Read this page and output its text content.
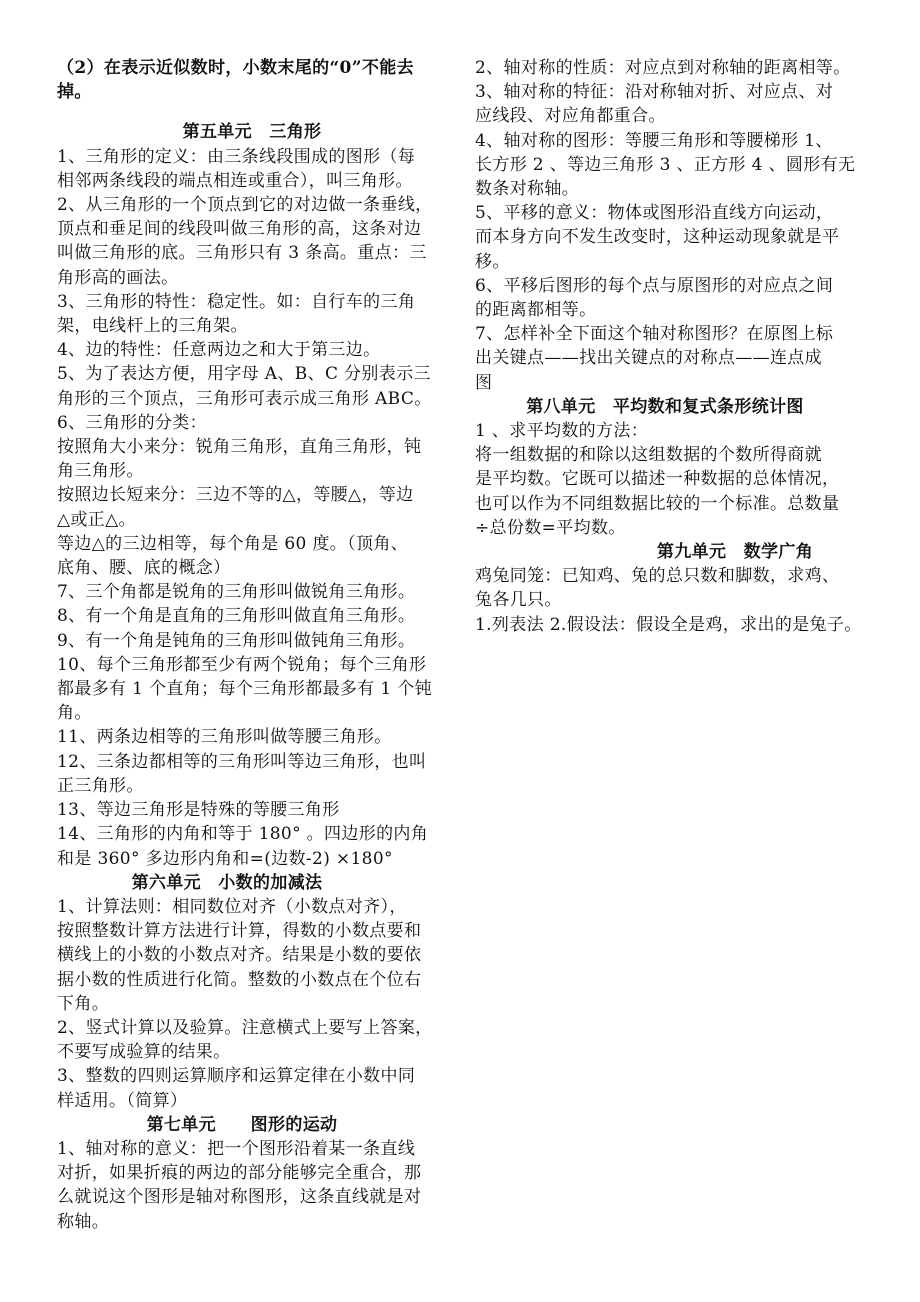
（2）在表示近似数时，小数末尾的“0”不能去
掉。
第五单元　三角形
1、三角形的定义：由三条线段围成的图形（每
相邻两条线段的端点相连或重合），叫三角形。
2、从三角形的一个顶点到它的对边做一条垂线，
顶点和垂足间的线段叫做三角形的高，这条对边
叫做三角形的底。三角形只有 3 条高。重点：三
角形高的画法。
3、三角形的特性：稳定性。如：自行车的三角
架，电线杆上的三角架。
4、边的特性：任意两边之和大于第三边。
5、为了表达方便，用字母 A、B、C 分别表示三
角形的三个顶点，三角形可表示成三角形 ABC。
6、三角形的分类：
按照角大小来分：锐角三角形，直角三角形，钝
角三角形。
按照边长短来分：三边不等的△，等腰△，等边
△或正△。
等边△的三边相等，每个角是 60 度。（顶角、
底角、腰、底的概念）
7、三个角都是锐角的三角形叫做锐角三角形。
8、有一个角是直角的三角形叫做直角三角形。
9、有一个角是钝角的三角形叫做钝角三角形。
10、每个三角形都至少有两个锐角；每个三角形
都最多有 1 个直角；每个三角形都最多有 1 个钝
角。
11、两条边相等的三角形叫做等腰三角形。
12、三条边都相等的三角形叫等边三角形，也叫
正三角形。
13、等边三角形是特殊的等腰三角形
14、三角形的内角和等于 180° 。四边形的内角
和是 360° 多边形内角和=(边数-2) ×180°
第六单元　小数的加减法
1、计算法则：相同数位对齐（小数点对齐），
按照整数计算方法进行计算，得数的小数点要和
横线上的小数的小数点对齐。结果是小数的要依
据小数的性质进行化简。整数的小数点在个位右
下角。
2、竖式计算以及验算。注意横式上要写上答案，
不要写成验算的结果。
3、整数的四则运算顺序和运算定律在小数中同
样适用。（简算）
第七单元　　图形的运动
1、轴对称的意义：把一个图形沿着某一条直线
对折，如果折痕的两边的部分能够完全重合，那
么就说这个图形是轴对称图形，这条直线就是对
称轴。
2、轴对称的性质：对应点到对称轴的距离相等。
3、轴对称的特征：沿对称轴对折、对应点、对
应线段、对应角都重合。
4、轴对称的图形：等腰三角形和等腰梯形 1、
长方形 2 、等边三角形 3 、正方形 4 、圆形有无
数条对称轴。
5、平移的意义：物体或图形沿直线方向运动，
而本身方向不发生改变时，这种运动现象就是平
移。
6、平移后图形的每个点与原图形的对应点之间
的距离都相等。
7、怎样补全下面这个轴对称图形？在原图上标
出关键点——找出关键点的对称点——连点成
图
第八单元　平均数和复式条形统计图
1 、求平均数的方法：
将一组数据的和除以这组数据的个数所得商就
是平均数。它既可以描述一种数据的总体情况，
也可以作为不同组数据比较的一个标准。总数量
÷总份数=平均数。
第九单元　数学广角
鸡兔同笼：已知鸡、兔的总只数和脚数，求鸡、
兔各几只。
1.列表法 2.假设法：假设全是鸡，求出的是兔子。
